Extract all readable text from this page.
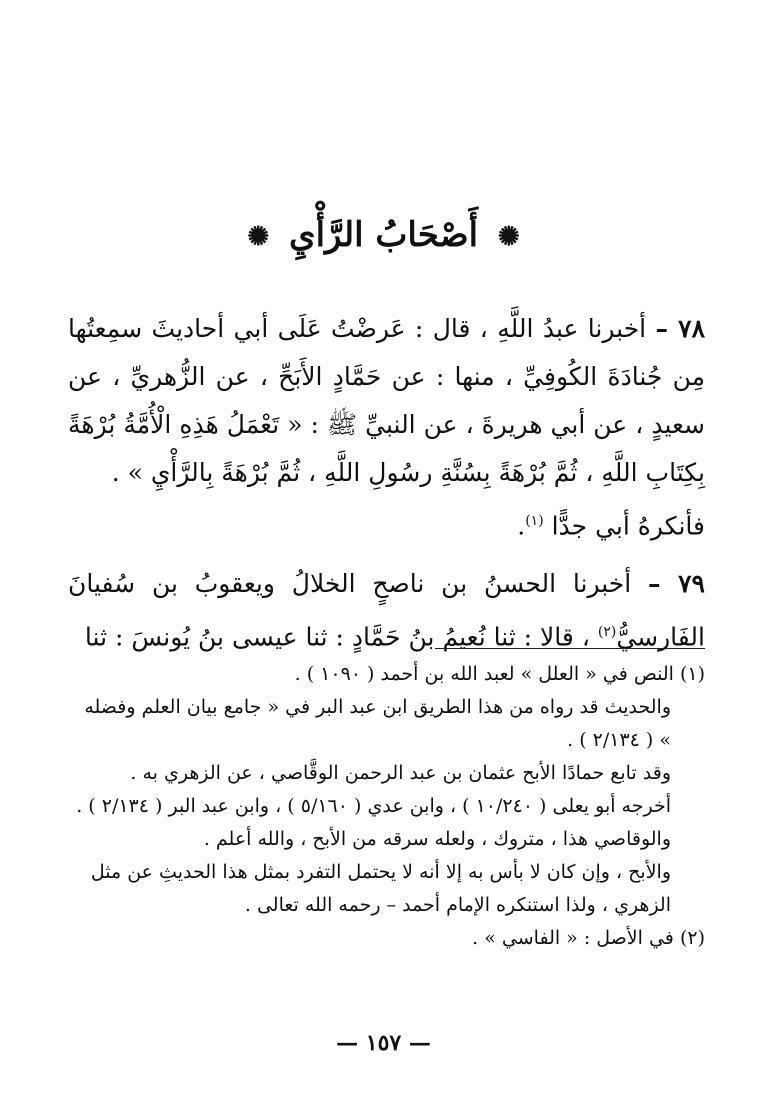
✺ أَصْحَابُ الرَّأْيِ ✺

٧٨ – أخبرنا عبدُ اللَّهِ ، قال : عَرضْتُ عَلَى أبي أحاديثَ سمِعتُها مِن جُنادَةَ الكُوفِيِّ ، منها : عن حَمَّادٍ الأَبَحِّ ، عن الزُّهريِّ ، عن سعيدٍ ، عن أبي هريرةَ ، عن النبيِّ ﷺ : « تَعْمَلُ هَذِهِ الْأُمَّةُ بُرْهَةً بِكِتَابِ اللَّهِ ، ثُمَّ بُرْهَةً بِسُنَّةِ رسُولِ اللَّهِ ، ثُمَّ بُرْهَةً بِالرَّأْيِ » .

فأنكرهُ أبي جدًّا $^{(١)}$.

٧٩ – أخبرنا الحسنُ بن ناصحٍ الخلالُ ويعقوبُ بن سُفيانَ الفَارسيُّ$^{(٢)}$ ، قالا : ثنا نُعيمُ بنُ حَمَّادٍ : ثنا عيسى بنُ يُونسَ : ثنا

(١) النص في « العلل » لعبد الله بن أحمد ( ١٠٩٠ ) .

والحديث قد رواه من هذا الطريق ابن عبد البر في « جامع بيان العلم وفضله » ( ٢/١٣٤ ) .

وقد تابع حمادًا الأبح عثمان بن عبد الرحمن الوقَّاصي ، عن الزهري به .

أخرجه أبو يعلى ( ١٠/٢٤٠ ) ، وابن عدي ( ٥/١٦٠ ) ، وابن عبد البر ( ٢/١٣٤ ) .

والوقاصي هذا ، متروك ، ولعله سرقه من الأبح ، والله أعلم .

والأبح ، وإن كان لا بأس به إلا أنه لا يحتمل التفرد بمثل هذا الحديثِ عن مثل الزهري ، ولذا استنكره الإمام أحمد – رحمه الله تعالى .

(٢) في الأصل : « الفاسي » .

— ١٥٧ —
